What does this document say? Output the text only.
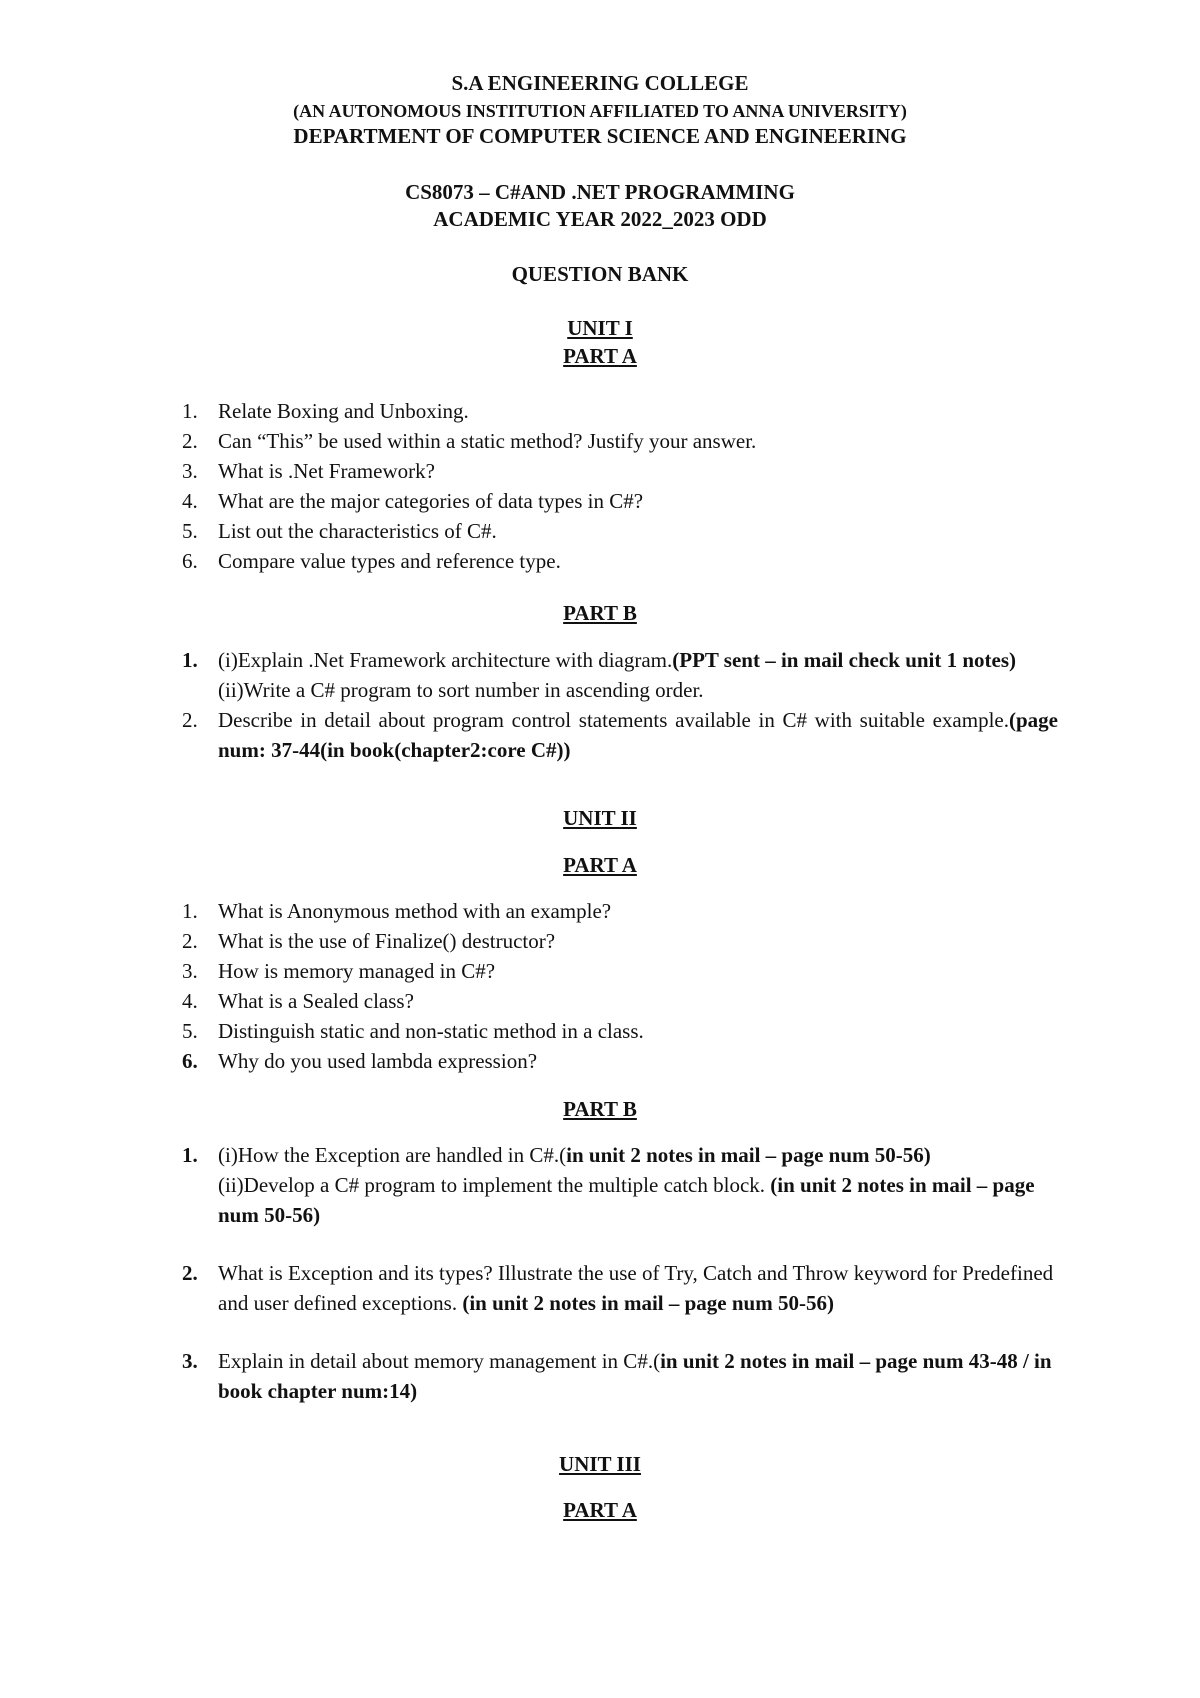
S.A ENGINEERING COLLEGE
(AN AUTONOMOUS INSTITUTION AFFILIATED TO ANNA UNIVERSITY)
DEPARTMENT OF COMPUTER SCIENCE AND ENGINEERING
CS8073 – C#AND .NET PROGRAMMING
ACADEMIC YEAR 2022_2023 ODD
QUESTION BANK
UNIT I
PART A
1. Relate Boxing and Unboxing.
2. Can “This” be used within a static method? Justify your answer.
3. What is .Net Framework?
4. What are the major categories of data types in C#?
5. List out the characteristics of C#.
6. Compare value types and reference type.
PART B
1. (i)Explain .Net Framework architecture with diagram.(PPT sent – in mail check unit 1 notes)
(ii)Write a C# program to sort number in ascending order.
2. Describe in detail about program control statements available in C# with suitable example.(page num: 37-44(in book(chapter2:core C#))
UNIT II
PART A
1. What is Anonymous method with an example?
2. What is the use of Finalize() destructor?
3. How is memory managed in C#?
4. What is a Sealed class?
5. Distinguish static and non-static method in a class.
6. Why do you used lambda expression?
PART B
1. (i)How the Exception are handled in C#.(in unit 2 notes in mail – page num 50-56)
(ii)Develop a C# program to implement the multiple catch block. (in unit 2 notes in mail – page num 50-56)
2. What is Exception and its types? Illustrate the use of Try, Catch and Throw keyword for Predefined and user defined exceptions. (in unit 2 notes in mail – page num 50-56)
3. Explain in detail about memory management in C#.(in unit 2 notes in mail – page num 43-48 / in book chapter num:14)
UNIT III
PART A
